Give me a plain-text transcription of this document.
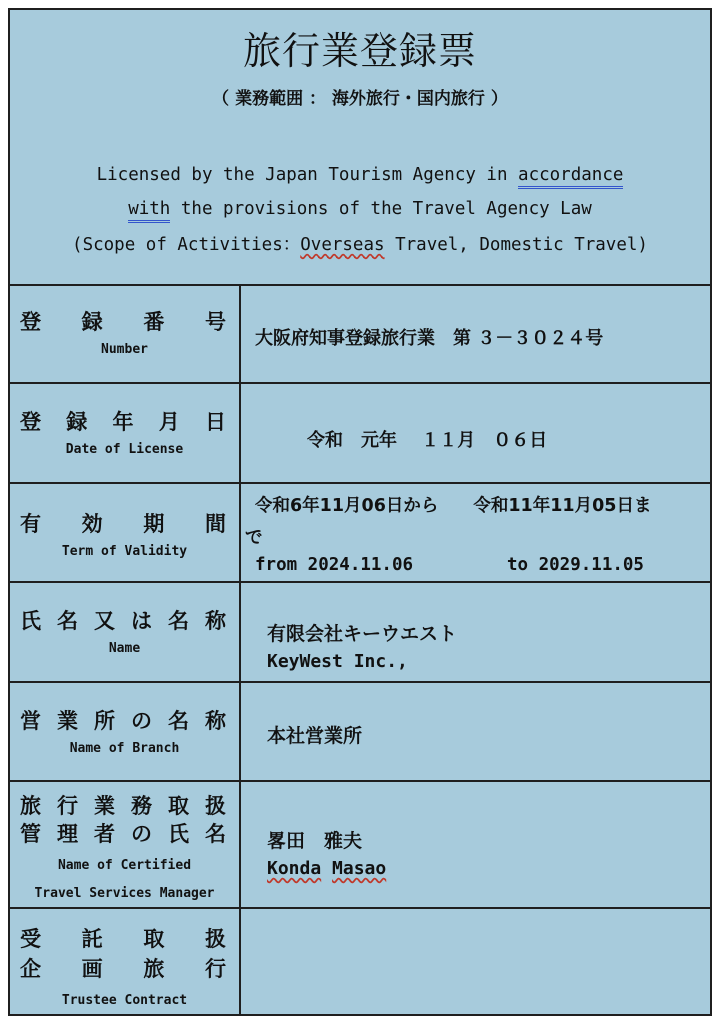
旅行業登録票
（ 業務範囲 ： 海外旅行・国内旅行 ）
Licensed by the Japan Tourism Agency in accordance
with the provisions of the Travel Agency Law
(Scope of Activities：Overseas Travel, Domestic Travel)
登 録 番 号
Number
大阪府知事登録旅行業　第 ３－３０２４号
登 録 年 月 日
Date of License	令和　元年　 １１月　０６日
有 効 期 間
Term of Validity
令和6年11月06日から　　令和11年11月05日ま
で
from 2024.11.06	to 2029.11.05
氏 名 又 は 名 称
Name
有限会社キーウエスト
KeyWest Inc.,
営 業 所 の 名 称
Name of Branch
本社営業所
旅 行 業 務 取 扱
管 理 者 の 氏 名
Name of Certified
Travel Services Manager
畧田　雅夫
Konda Masao
受 託 取 扱
企 画 旅 行
Trustee Contract
